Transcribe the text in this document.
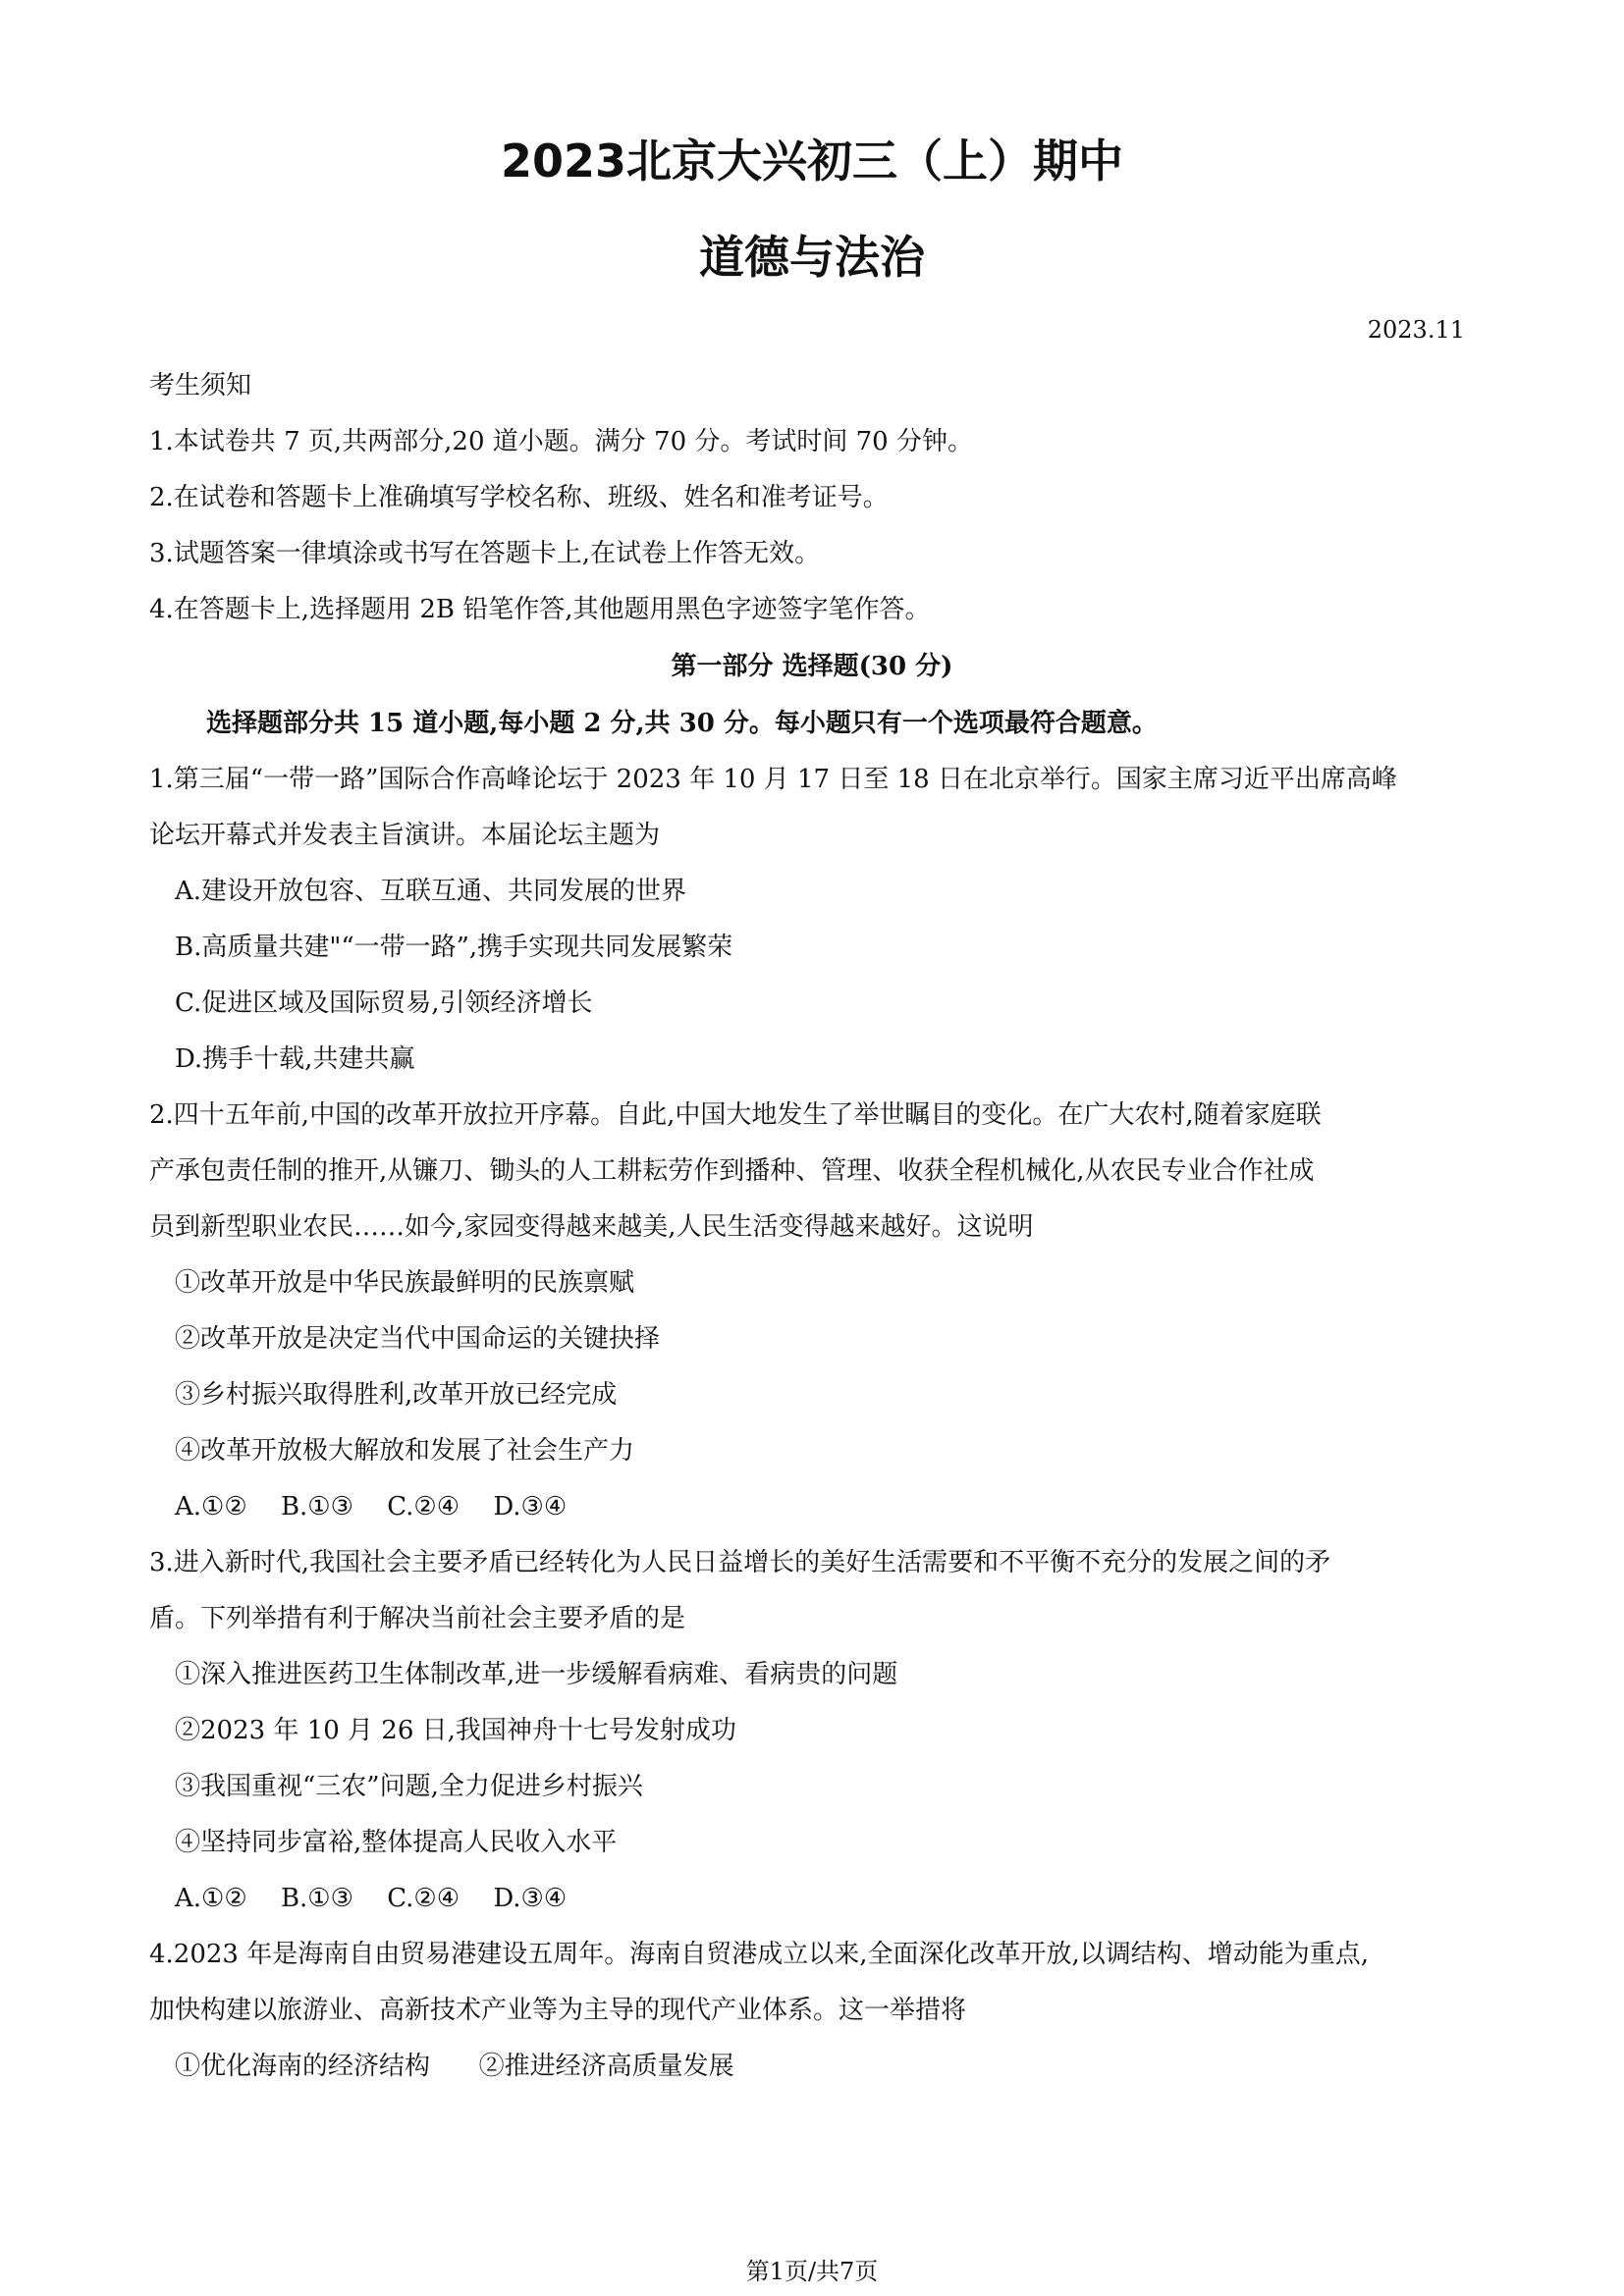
2023北京大兴初三（上）期中
道德与法治
2023.11
考生须知
1.本试卷共 7 页,共两部分,20 道小题。满分 70 分。考试时间 70 分钟。
2.在试卷和答题卡上准确填写学校名称、班级、姓名和准考证号。
3.试题答案一律填涂或书写在答题卡上,在试卷上作答无效。
4.在答题卡上,选择题用 2B 铅笔作答,其他题用黑色字迹签字笔作答。
第一部分 选择题(30 分)
选择题部分共 15 道小题,每小题 2 分,共 30 分。每小题只有一个选项最符合题意。
1.第三届“一带一路”国际合作高峰论坛于 2023 年 10 月 17 日至 18 日在北京举行。国家主席习近平出席高峰
论坛开幕式并发表主旨演讲。本届论坛主题为
A.建设开放包容、互联互通、共同发展的世界
B.高质量共建"“一带一路”,携手实现共同发展繁荣
C.促进区域及国际贸易,引领经济增长
D.携手十载,共建共赢
2.四十五年前,中国的改革开放拉开序幕。自此,中国大地发生了举世瞩目的变化。在广大农村,随着家庭联
产承包责任制的推开,从镰刀、锄头的人工耕耘劳作到播种、管理、收获全程机械化,从农民专业合作社成
员到新型职业农民……如今,家园变得越来越美,人民生活变得越来越好。这说明
①改革开放是中华民族最鲜明的民族禀赋
②改革开放是决定当代中国命运的关键抉择
③乡村振兴取得胜利,改革开放已经完成
④改革开放极大解放和发展了社会生产力
A.①② B.①③ C.②④ D.③④
3.进入新时代,我国社会主要矛盾已经转化为人民日益增长的美好生活需要和不平衡不充分的发展之间的矛
盾。下列举措有利于解决当前社会主要矛盾的是
①深入推进医药卫生体制改革,进一步缓解看病难、看病贵的问题
②2023 年 10 月 26 日,我国神舟十七号发射成功
③我国重视“三农”问题,全力促进乡村振兴
④坚持同步富裕,整体提高人民收入水平
A.①② B.①③ C.②④ D.③④
4.2023 年是海南自由贸易港建设五周年。海南自贸港成立以来,全面深化改革开放,以调结构、增动能为重点,
加快构建以旅游业、高新技术产业等为主导的现代产业体系。这一举措将
①优化海南的经济结构      ②推进经济高质量发展
第1页/共7页
